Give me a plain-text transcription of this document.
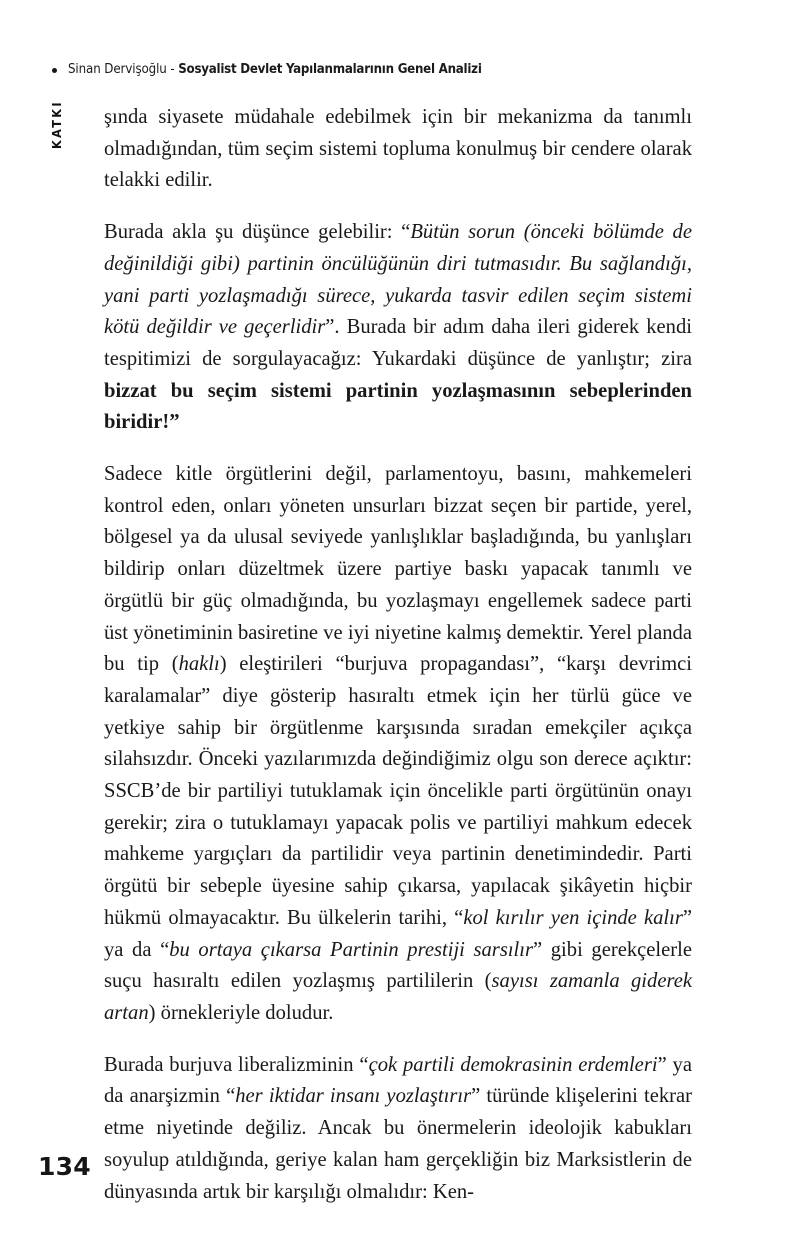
Sinan Dervişoğlu - Sosyalist Devlet Yapılanmalarının Genel Analizi
KATKI şında siyasete müdahale edebilmek için bir mekanizma da tanımlı olmadığından, tüm seçim sistemi topluma konulmuş bir cendere olarak telakki edilir.

Burada akla şu düşünce gelebilir: “Bütün sorun (önceki bölümde de değinildiği gibi) partinin öncülüğünün diri tutmasıdır. Bu sağlandığı, yani parti yozlaşmadığı sürece, yukarda tasvir edilen seçim sistemi kötü değildir ve geçerlidir”. Burada bir adım daha ileri giderek kendi tespitimizi de sorgulayacağız: Yukardaki düşünce de yanlıştır; zira bizzat bu seçim sistemi partinin yozlaşmasının sebeplerinden biridir!”

Sadece kitle örgütlerini değil, parlamentoyu, basını, mahkemeleri kontrol eden, onları yöneten unsurları bizzat seçen bir partide, yerel, bölgesel ya da ulusal seviyede yanlışlıklar başladığında, bu yanlışları bildirip onları düzeltmek üzere partiye baskı yapacak tanımlı ve örgütlü bir güç olmadığında, bu yozlaşmayı engellemek sadece parti üst yönetiminin basiretine ve iyi niyetine kalmış demektir. Yerel planda bu tip (haklı) eleştirileri “burjuva propagandası”, “karşı devrimci karalamalar” diye gösterip hasıraltı etmek için her türlü güce ve yetkiye sahip bir örgütlenme karşısında sıradan emekçiler açıkça silahsızdır. Önceki yazılarımızda değindiğimiz olgu son derece açıktır: SSCB’de bir partiliyi tutuklamak için öncelikle parti örgütünün onayı gerekir; zira o tutuklamayı yapacak polis ve partiliyi mahkum edecek mahkeme yargıçları da partilidir veya partinin denetimindedir. Parti örgütü bir sebeple üyesine sahip çıkarsa, yapılacak şikâyetin hiçbir hükmü olmayacaktır. Bu ülkelerin tarihi, “kol kırılır yen içinde kalır” ya da “bu ortaya çıkarsa Partinin prestiji sarsılır” gibi gerekçelerle suçu hasıraltı edilen yozlaşmış partililerin (sayısı zamanla giderek artan) örnekleriyle doludur.

Burada burjuva liberalizminin “çok partili demokrasinin erdemleri” ya da anarşizmin “her iktidar insanı yozlaştırır” türünde klişelerini tekrar etme niyetinde değiliz. Ancak bu önermelerin ideolojik kabukları soyulup atıldığında, geriye kalan ham gerçekliğin biz Marksistlerin de dünyasında artık bir karşılığı olmalıdır: Ken-

134
